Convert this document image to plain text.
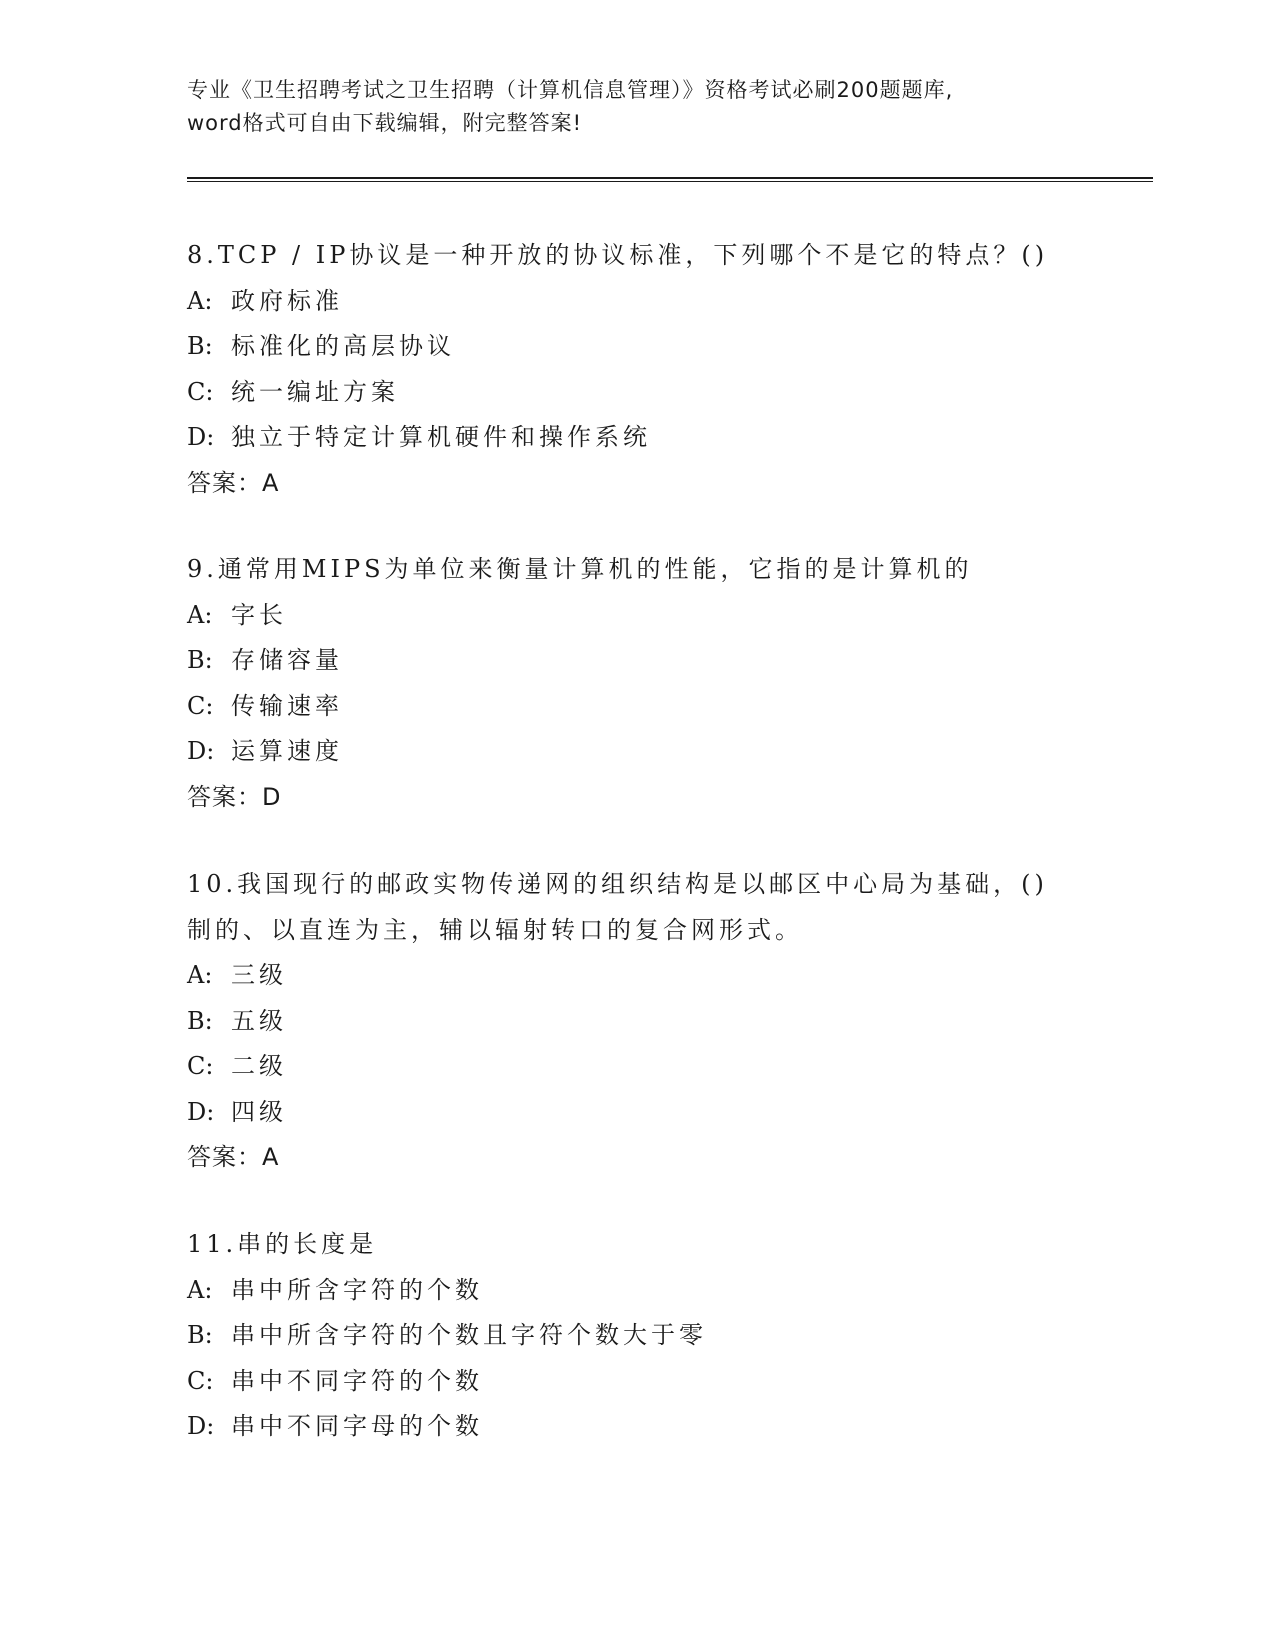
专业《卫生招聘考试之卫生招聘（计算机信息管理）》资格考试必刷200题题库,
word格式可自由下载编辑，附完整答案!
8.TCP / IP协议是一种开放的协议标准，下列哪个不是它的特点？()
A: 政府标准
B: 标准化的高层协议
C: 统一编址方案
D: 独立于特定计算机硬件和操作系统
答案：A
9.通常用MIPS为单位来衡量计算机的性能，它指的是计算机的
A: 字长
B: 存储容量
C: 传输速率
D: 运算速度
答案：D
10.我国现行的邮政实物传递网的组织结构是以邮区中心局为基础，()
制的、以直连为主，辅以辐射转口的复合网形式。
A: 三级
B: 五级
C: 二级
D: 四级
答案：A
11.串的长度是
A: 串中所含字符的个数
B: 串中所含字符的个数且字符个数大于零
C: 串中不同字符的个数
D: 串中不同字母的个数
